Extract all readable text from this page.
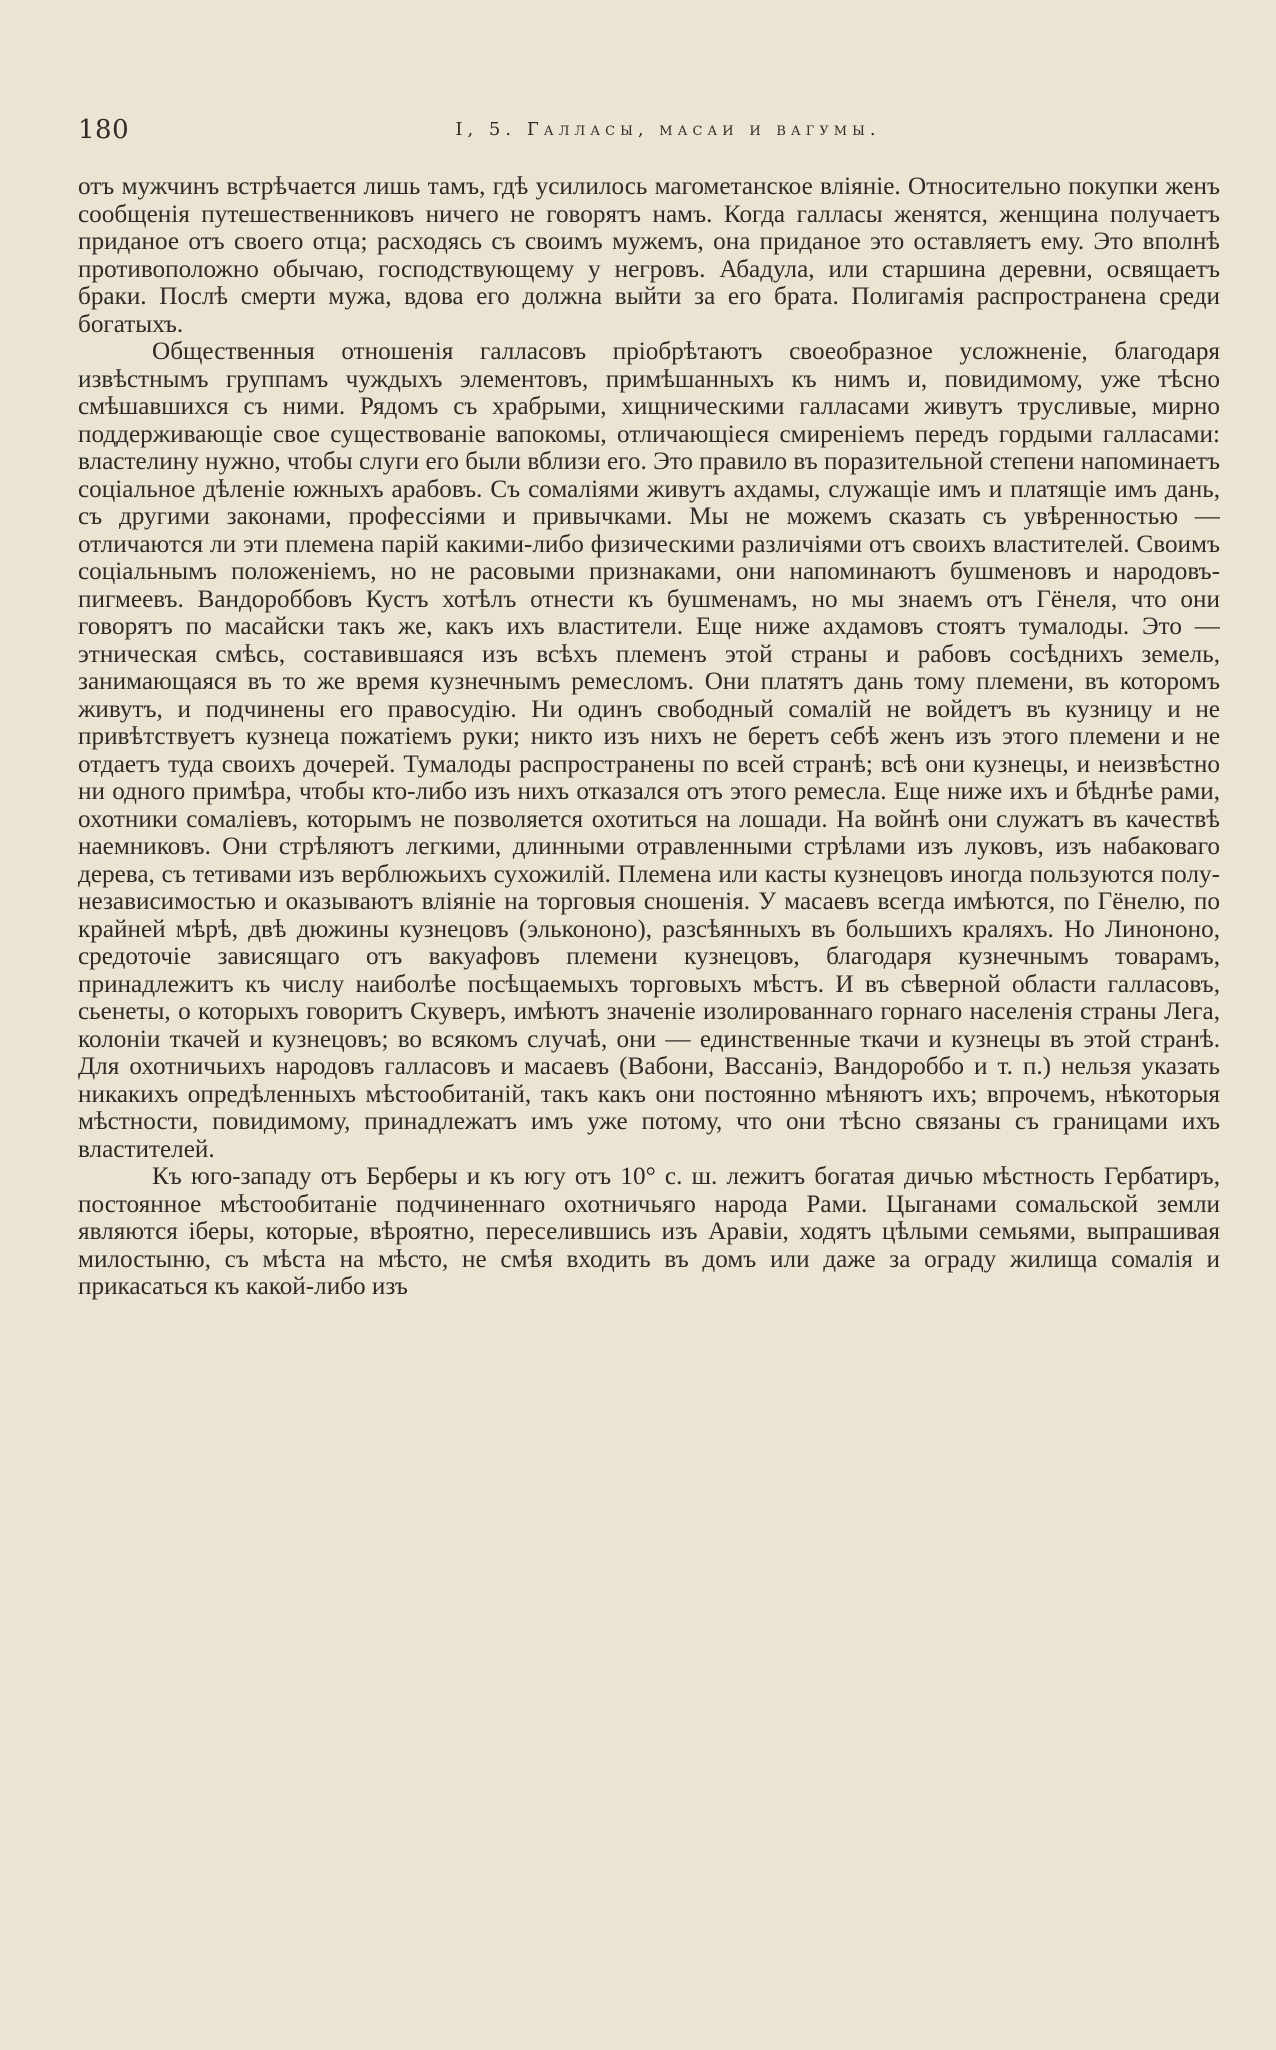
180	I, 5. Галласы, масаи и вагумы.

отъ мужчинъ встрѣчается лишь тамъ, гдѣ усилилось магометанское вліяніе. Относительно покупки женъ сообщенія путешественниковъ ничего не говорятъ намъ. Когда галласы женятся, женщина получаетъ приданое отъ своего отца; расходясь съ своимъ мужемъ, она приданое это оставляетъ ему. Это вполнѣ противоположно обычаю, господствующему у негровъ. Абадула, или старшина деревни, освящаетъ браки. Послѣ смерти мужа, вдова его должна выйти за его брата. Полигамія распространена среди богатыхъ.

Общественныя отношенія галласовъ пріобрѣтаютъ своеобразное усложненіе, благодаря извѣстнымъ группамъ чуждыхъ элементовъ, примѣшанныхъ къ нимъ и, повидимому, уже тѣсно смѣшавшихся съ ними. Рядомъ съ храбрыми, хищническими галласами живутъ трусливые, мирно поддерживающіе свое существованіе вапокомы, отличающіеся смиреніемъ передъ гордыми галласами: властелину нужно, чтобы слуги его были вблизи его. Это правило въ поразительной степени напоминаетъ соціальное дѣленіе южныхъ арабовъ. Съ сомаліями живутъ ахдамы, служащіе имъ и платящіе имъ дань, съ другими законами, профессіями и привычками. Мы не можемъ сказать съ увѣренностью — отличаются ли эти племена парій какими-либо физическими различіями отъ своихъ властителей. Своимъ соціальнымъ положеніемъ, но не расовыми признаками, они напоминаютъ бушменовъ и народовъ-пигмеевъ. Вандороббовъ Кустъ хотѣлъ отнести къ бушменамъ, но мы знаемъ отъ Гёнеля, что они говорятъ по масайски такъ же, какъ ихъ властители. Еще ниже ахдамовъ стоятъ тумалоды. Это — этническая смѣсь, составившаяся изъ всѣхъ племенъ этой страны и рабовъ сосѣднихъ земель, занимающаяся въ то же время кузнечнымъ ремесломъ. Они платятъ дань тому племени, въ которомъ живутъ, и подчинены его правосудію. Ни одинъ свободный сомалій не войдетъ въ кузницу и не привѣтствуетъ кузнеца пожатіемъ руки; никто изъ нихъ не беретъ себѣ женъ изъ этого племени и не отдаетъ туда своихъ дочерей. Тумалоды распространены по всей странѣ; всѣ они кузнецы, и неизвѣстно ни одного примѣра, чтобы кто-либо изъ нихъ отказался отъ этого ремесла. Еще ниже ихъ и бѣднѣе рами, охотники сомаліевъ, которымъ не позволяется охотиться на лошади. На войнѣ они служатъ въ качествѣ наемниковъ. Они стрѣляютъ легкими, длинными отравленными стрѣлами изъ луковъ, изъ набаковаго дерева, съ тетивами изъ верблюжьихъ сухожилій. Племена или касты кузнецовъ иногда пользуются полу-независимостью и оказываютъ вліяніе на торговыя сношенія. У масаевъ всегда имѣются, по Гёнелю, по крайней мѣрѣ, двѣ дюжины кузнецовъ (элькононо), разсѣянныхъ въ большихъ краляхъ. Но Линононо, средоточіе зависящаго отъ вакуафовъ племени кузнецовъ, благодаря кузнечнымъ товарамъ, принадлежитъ къ числу наиболѣе посѣщаемыхъ торговыхъ мѣстъ. И въ сѣверной области галласовъ, сьенеты, о которыхъ говоритъ Скуверъ, имѣютъ значеніе изолированнаго горнаго населенія страны Лега, колоніи ткачей и кузнецовъ; во всякомъ случаѣ, они — единственные ткачи и кузнецы въ этой странѣ. Для охотничьихъ народовъ галласовъ и масаевъ (Вабони, Вассаніэ, Вандороббо и т. п.) нельзя указать никакихъ опредѣленныхъ мѣстообитаній, такъ какъ они постоянно мѣняютъ ихъ; впрочемъ, нѣкоторыя мѣстности, повидимому, принадлежатъ имъ уже потому, что они тѣсно связаны съ границами ихъ властителей.

Къ юго-западу отъ Берберы и къ югу отъ 10° с. ш. лежитъ богатая дичью мѣстность Гербатиръ, постоянное мѣстообитаніе подчиненнаго охотничьяго народа Рами. Цыганами сомальской земли являются іберы, которые, вѣроятно, переселившись изъ Аравіи, ходятъ цѣлыми семьями, выпрашивая милостыню, съ мѣста на мѣсто, не смѣя входить въ домъ или даже за ограду жилища сомалія и прикасаться къ какой-либо изъ
